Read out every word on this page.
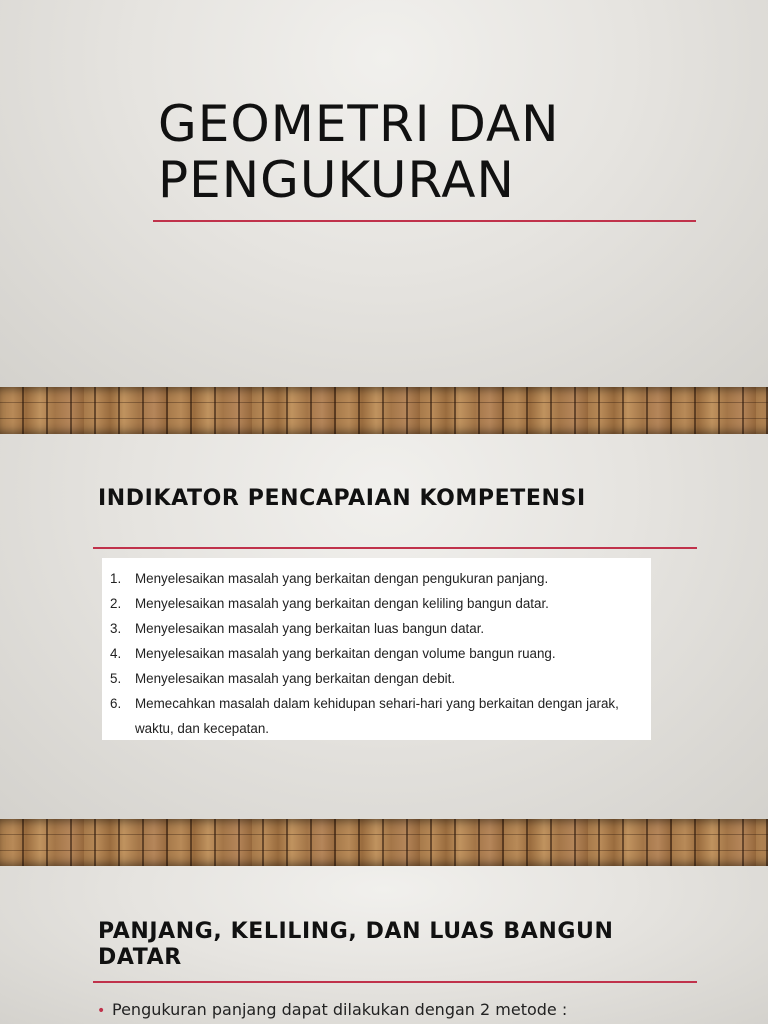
GEOMETRI DAN
PENGUKURAN
INDIKATOR PENCAPAIAN KOMPETENSI
1.	Menyelesaikan masalah yang berkaitan dengan pengukuran panjang.
2.	Menyelesaikan masalah yang berkaitan dengan keliling bangun datar.
3.	Menyelesaikan masalah yang berkaitan luas bangun datar.
4.	Menyelesaikan masalah yang berkaitan dengan volume bangun ruang.
5.	Menyelesaikan masalah yang berkaitan dengan debit.
6.	Memecahkan masalah dalam kehidupan sehari-hari yang berkaitan dengan jarak, waktu, dan kecepatan.
PANJANG, KELILING, DAN LUAS BANGUN
DATAR
• Pengukuran panjang dapat dilakukan dengan 2 metode :
